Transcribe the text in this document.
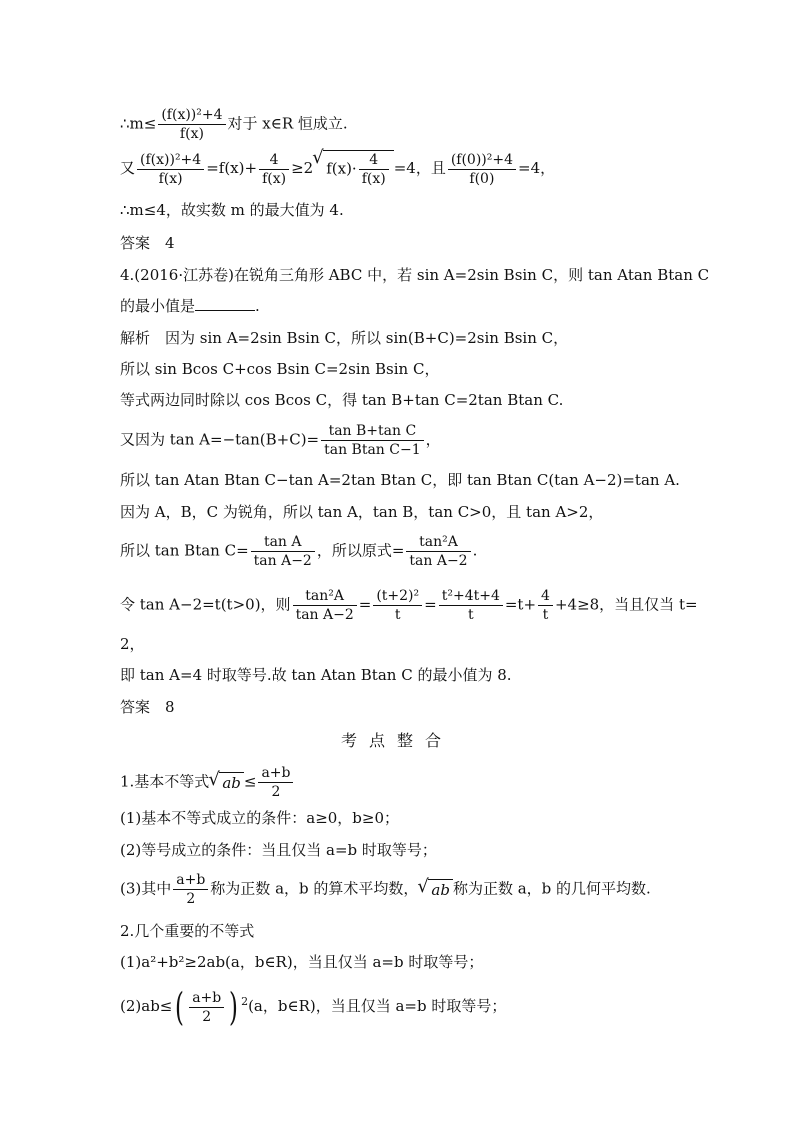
∴m≤ $\frac{\text{(f(x))²+4}}{f(x)}$ 对于 x∈R 恒成立.
又 $\frac{\text{(f(x))²+4}}{f(x)} =f(x)+ \frac{4}{f(x)} \ge 2√$ $f(x)\cdot \frac{4}{f(x)} =4$，且 $\frac{\text{(f(0))²+4}}{f(0)} =4$，
∴m≤4，故实数 m 的最大值为 4.
答案　4
4.(2016·江苏卷)在锐角三角形 ABC 中，若 sin A=2sin Bsin C，则 tan Atan Btan C
的最小值是	.
解析　因为 sin A=2sin Bsin C，所以 sin(B+C)=2sin Bsin C，
所以 sin Bcos C+cos Bsin C=2sin Bsin C，
等式两边同时除以 cos Bcos C，得 tan B+tan C=2tan Btan C.
又因为 $\tan A=-\tan(B+C)= \frac{\text{tan B+tan C}}{\text{tan Btan C−1}}$ ，
所以 tan Atan Btan C−tan A=2tan Btan C，即 tan Btan C(tan A−2)=tan A.
因为 A，B，C 为锐角，所以 tan A，tan B，tan C>0，且 tan A>2，
所以 tan Btan $C= \frac{\text{tan A}}{\text{tan A−2}}$ ，所以原式= $\frac{\text{tan²A}}{\text{tan A−2}}$ .
令 tan A−2=t(t>0)，则 $\frac{\text{tan²A}}{\text{tan A−2}} = \frac{\text{(t+2)²}}{t} = \frac{\text{t²+4t+4}}{t} =t+ \frac{4}{t} +4\ge 8$，当且仅当 t=
2，
即 tan A=4 时取等号.故 tan Atan Btan C 的最小值为 8.
答案　8
考点整合
1.基本不等式√ ab ≤ $\frac{a+b}{2}$
(1)基本不等式成立的条件：a≥0，b≥0；
(2)等号成立的条件：当且仅当 a=b 时取等号；
(3)其中 $\frac{a+b}{2}$ 称为正数 a，b 的算术平均数，√ ab 称为正数 a，b 的几何平均数.
2.几个重要的不等式
(1)a²+b²≥2ab(a，b∈R)，当且仅当 a=b 时取等号；
$(2)ab\le( \frac{a+b}{2}$ ) $^2$(a，b∈R)，当且仅当 a=b 时取等号；
